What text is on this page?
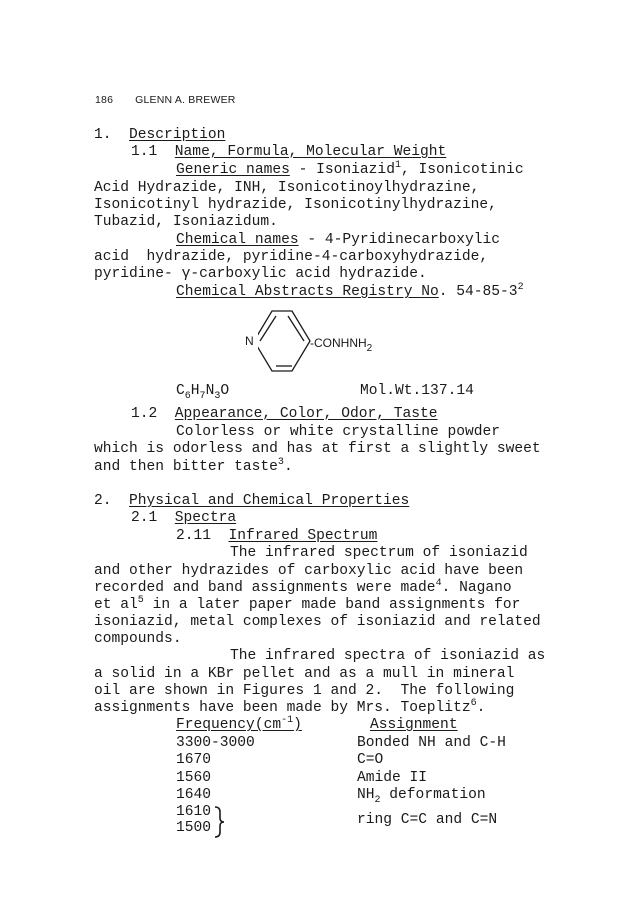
186 GLENN A. BREWER
1. Description
1.1 Name, Formula, Molecular Weight
Generic names - Isoniazid$^1$, Isonicotinic
Acid Hydrazide, INH, Isonicotinoylhydrazine,
Isonicotinyl hydrazide, Isonicotinylhydrazine,
Tubazid, Isoniazidum.
Chemical names - 4-Pyridinecarboxylic
acid  hydrazide, pyridine-4-carboxyhydrazide,
pyridine- γ-carboxylic acid hydrazide.
Chemical Abstracts Registry No. $54-85-3^2$
N	$-CONHNH_2$
$C_6H_7N_3O$	Mol.Wt.137.14
1.2 Appearance, Color, Odor, Taste
Colorless or white crystalline powder
which is odorless and has at first a slightly sweet
and then bitter taste$^3$.
2. Physical and Chemical Properties
2.1 Spectra
2.11 Infrared Spectrum
The infrared spectrum of isoniazid
and other hydrazides of carboxylic acid have been
recorded and band assignments were made$^4$. Nagano
et $al^5$ in a later paper made band assignments for
isoniazid, metal complexes of isoniazid and related
compounds.
The infrared spectra of isoniazid as
a solid in a KBr pellet and as a mull in mineral
oil are shown in Figures 1 and 2.  The following
assignments have been made by Mrs. Toeplitz$^6$.
$Frequency(cm^{-1})$	Assignment
3300-3000	Bonded NH and C-H
1670	C=O
1560	Amide II
1640	$NH_2$ deformation
1610
1500	ring C=C and C=N
